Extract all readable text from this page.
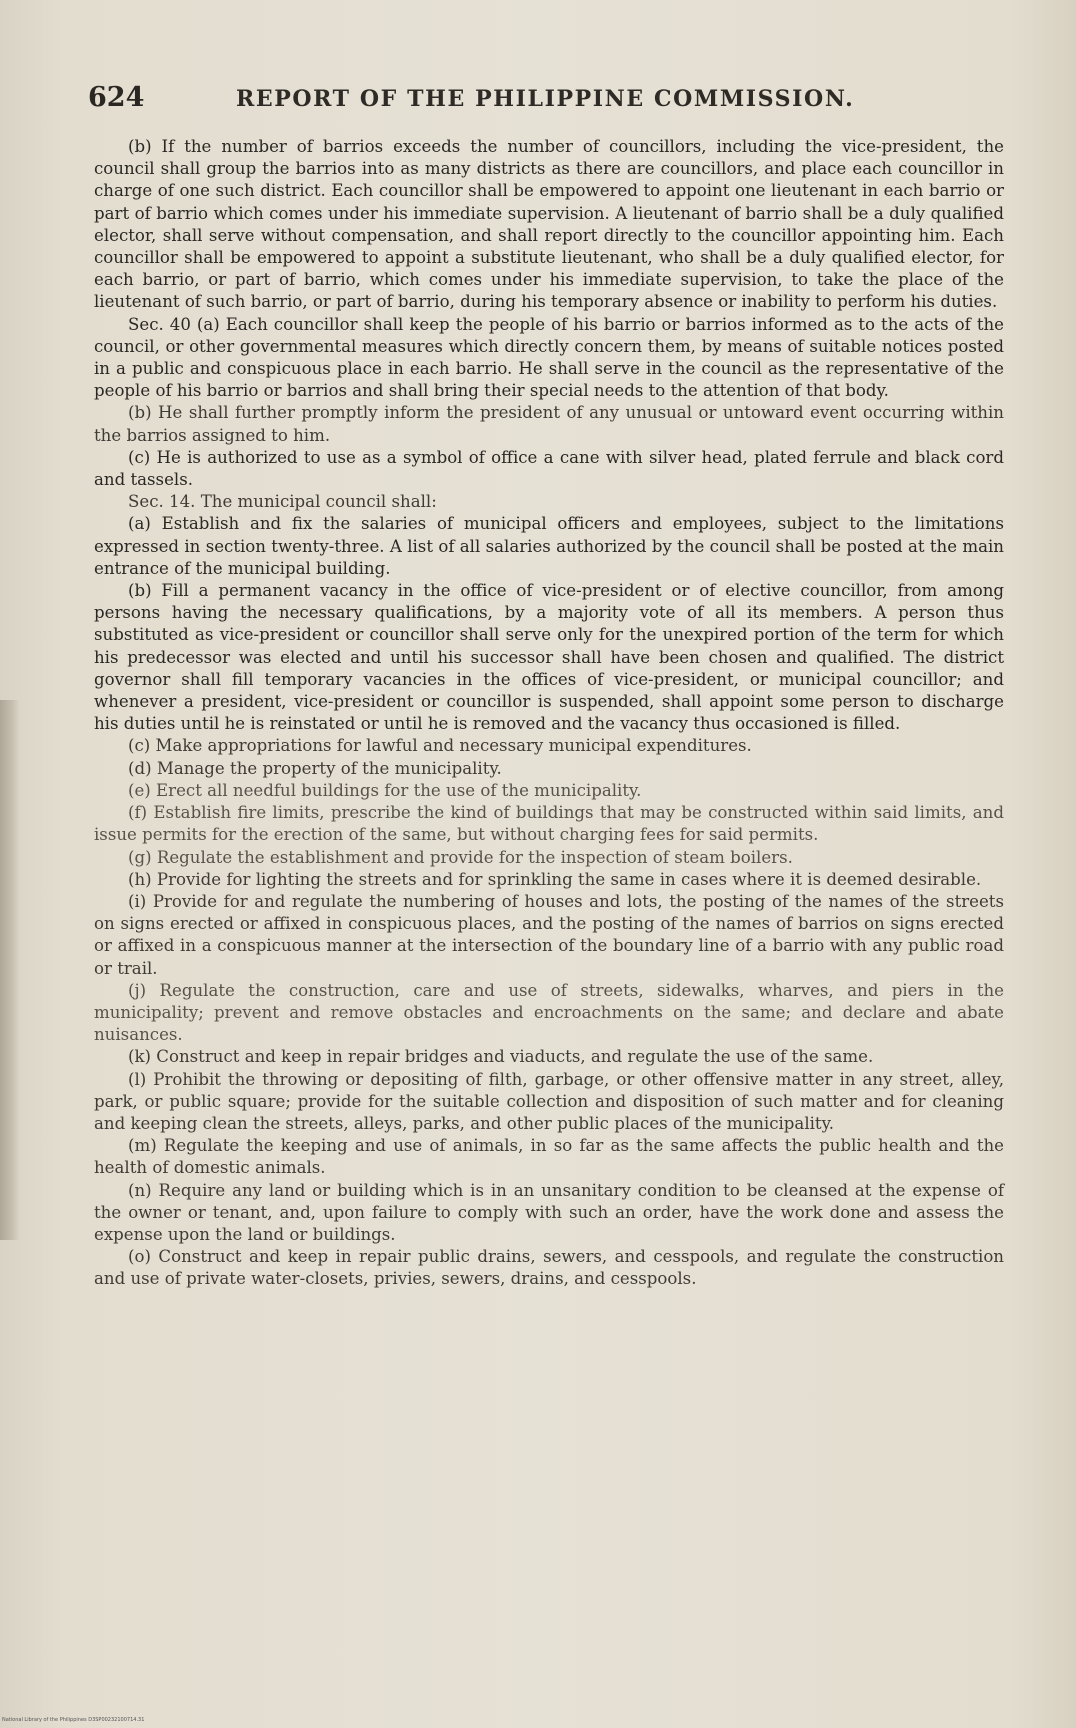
624	REPORT OF THE PHILIPPINE COMMISSION.

(b) If the number of barrios exceeds the number of councillors, including the vice-president, the council shall group the barrios into as many districts as there are councillors, and place each councillor in charge of one such district. Each councillor shall be empowered to appoint one lieutenant in each barrio or part of barrio which comes under his immediate supervision. A lieutenant of barrio shall be a duly qualified elector, shall serve without compensation, and shall report directly to the councillor appointing him. Each councillor shall be empowered to appoint a substitute lieutenant, who shall be a duly qualified elector, for each barrio, or part of barrio, which comes under his immediate supervision, to take the place of the lieutenant of such barrio, or part of barrio, during his temporary absence or inability to perform his duties.

Sec. 40 (a) Each councillor shall keep the people of his barrio or barrios informed as to the acts of the council, or other governmental measures which directly concern them, by means of suitable notices posted in a public and conspicuous place in each barrio. He shall serve in the council as the representative of the people of his barrio or barrios and shall bring their special needs to the attention of that body.

(b) He shall further promptly inform the president of any unusual or untoward event occurring within the barrios assigned to him.

(c) He is authorized to use as a symbol of office a cane with silver head, plated ferrule and black cord and tassels.

Sec. 14. The municipal council shall:

(a) Establish and fix the salaries of municipal officers and employees, subject to the limitations expressed in section twenty-three. A list of all salaries authorized by the council shall be posted at the main entrance of the municipal building.

(b) Fill a permanent vacancy in the office of vice-president or of elective councillor, from among persons having the necessary qualifications, by a majority vote of all its members. A person thus substituted as vice-president or councillor shall serve only for the unexpired portion of the term for which his predecessor was elected and until his successor shall have been chosen and qualified. The district governor shall fill temporary vacancies in the offices of vice-president, or municipal councillor; and whenever a president, vice-president or councillor is suspended, shall appoint some person to discharge his duties until he is reinstated or until he is removed and the vacancy thus occasioned is filled.

(c) Make appropriations for lawful and necessary municipal expenditures.

(d) Manage the property of the municipality.

(e) Erect all needful buildings for the use of the municipality.

(f) Establish fire limits, prescribe the kind of buildings that may be constructed within said limits, and issue permits for the erection of the same, but without charging fees for said permits.

(g) Regulate the establishment and provide for the inspection of steam boilers.

(h) Provide for lighting the streets and for sprinkling the same in cases where it is deemed desirable.

(i) Provide for and regulate the numbering of houses and lots, the posting of the names of the streets on signs erected or affixed in conspicuous places, and the posting of the names of barrios on signs erected or affixed in a conspicuous manner at the intersection of the boundary line of a barrio with any public road or trail.

(j) Regulate the construction, care and use of streets, sidewalks, wharves, and piers in the municipality; prevent and remove obstacles and encroachments on the same; and declare and abate nuisances.

(k) Construct and keep in repair bridges and viaducts, and regulate the use of the same.

(l) Prohibit the throwing or depositing of filth, garbage, or other offensive matter in any street, alley, park, or public square; provide for the suitable collection and disposition of such matter and for cleaning and keeping clean the streets, alleys, parks, and other public places of the municipality.

(m) Regulate the keeping and use of animals, in so far as the same affects the public health and the health of domestic animals.

(n) Require any land or building which is in an unsanitary condition to be cleansed at the expense of the owner or tenant, and, upon failure to comply with such an order, have the work done and assess the expense upon the land or buildings.

(o) Construct and keep in repair public drains, sewers, and cesspools, and regulate the construction and use of private water-closets, privies, sewers, drains, and cesspools.

National Library of the Philippines D3SP00232100714.31
